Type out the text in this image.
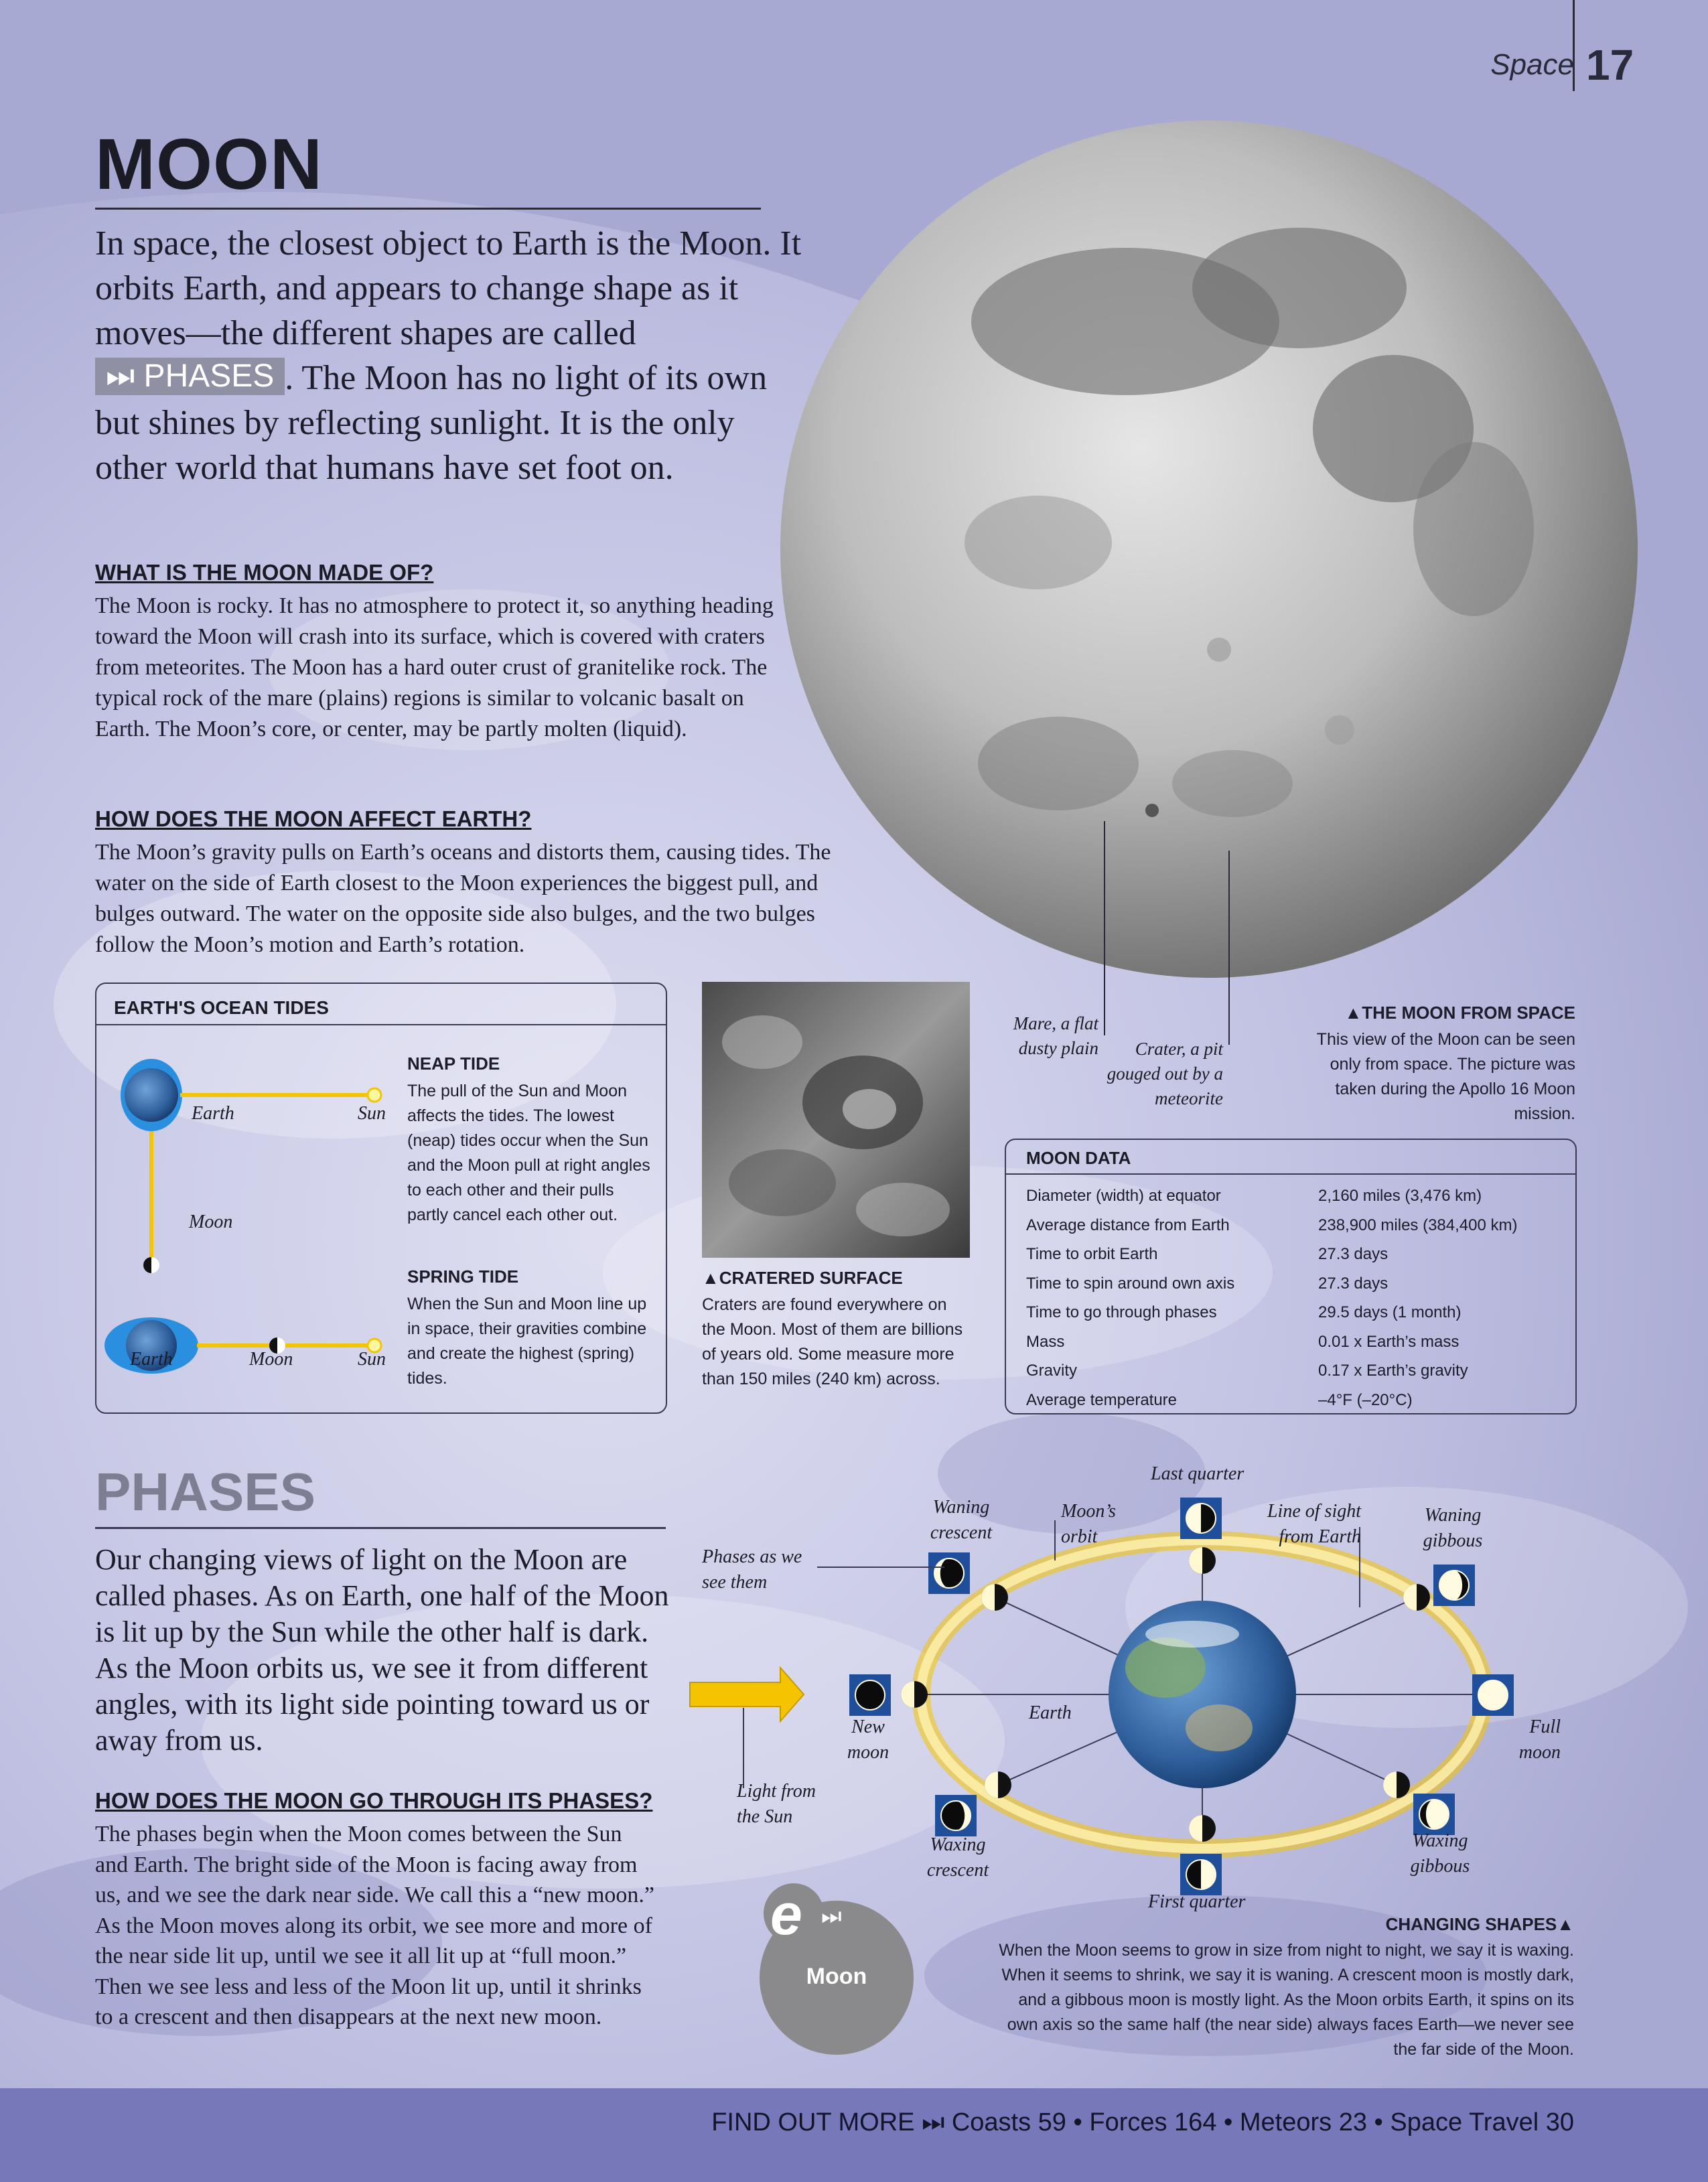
Space 17
MOON

In space, the closest object to Earth is the Moon. It orbits Earth, and appears to change shape as it moves—the different shapes are called ⏭ PHASES . The Moon has no light of its own but shines by reflecting sunlight. It is the only other world that humans have set foot on.

WHAT IS THE MOON MADE OF?
The Moon is rocky. It has no atmosphere to protect it, so anything heading toward the Moon will crash into its surface, which is covered with craters from meteorites. The Moon has a hard outer crust of granitelike rock. The typical rock of the mare (plains) regions is similar to volcanic basalt on Earth. The Moon’s core, or center, may be partly molten (liquid).
HOW DOES THE MOON AFFECT EARTH?
The Moon’s gravity pulls on Earth’s oceans and distorts them, causing tides. The water on the side of Earth closest to the Moon experiences the biggest pull, and bulges outward. The water on the opposite side also bulges, and the two bulges follow the Moon’s motion and Earth’s rotation.
EARTH'S OCEAN TIDES
Earth	Sun
Moon
Earth	Moon	Sun
NEAP TIDE
The pull of the Sun and Moon affects the tides. The lowest (neap) tides occur when the Sun and the Moon pull at right angles to each other and their pulls partly cancel each other out.
SPRING TIDE
When the Sun and Moon line up in space, their gravities combine and create the highest (spring) tides.
▲CRATERED SURFACE
Craters are found everywhere on the Moon. Most of them are billions of years old. Some measure more than 150 miles (240 km) across.
Mare, a flat dusty plain	Crater, a pit gouged out by a meteorite
▲THE MOON FROM SPACE
This view of the Moon can be seen only from space. The picture was taken during the Apollo 16 Moon mission.
MOON DATA
Diameter (width) at equator	2,160 miles (3,476 km)
Average distance from Earth	238,900 miles (384,400 km)
Time to orbit Earth	27.3 days
Time to spin around own axis	27.3 days
Time to go through phases	29.5 days (1 month)
Mass	0.01 x Earth’s mass
Gravity	0.17 x Earth’s gravity
Average temperature	–4°F (–20°C)
PHASES
Our changing views of light on the Moon are called phases. As on Earth, one half of the Moon is lit up by the Sun while the other half is dark. As the Moon orbits us, we see it from different angles, with its light side pointing toward us or away from us.
HOW DOES THE MOON GO THROUGH ITS PHASES?
The phases begin when the Moon comes between the Sun and Earth. The bright side of the Moon is facing away from us, and we see the dark near side. We call this a “new moon.” As the Moon moves along its orbit, we see more and more of the near side lit up, until we see it all lit up at “full moon.” Then we see less and less of the Moon lit up, until it shrinks to a crescent and then disappears at the next new moon.
Last quarter
Waning crescent
Moon’s orbit
Line of sight from Earth
Waning gibbous
Phases as we see them
New moon
Earth
Full moon
Light from the Sun
Waxing crescent
First quarter
Waxing gibbous
CHANGING SHAPES▲
When the Moon seems to grow in size from night to night, we say it is waxing. When it seems to shrink, we say it is waning. A crescent moon is mostly dark, and a gibbous moon is mostly light. As the Moon orbits Earth, it spins on its own axis so the same half (the near side) always faces Earth—we never see the far side of the Moon.
e ⏭
Moon
FIND OUT MORE ⏭ Coasts 59 • Forces 164 • Meteors 23 • Space Travel 30
